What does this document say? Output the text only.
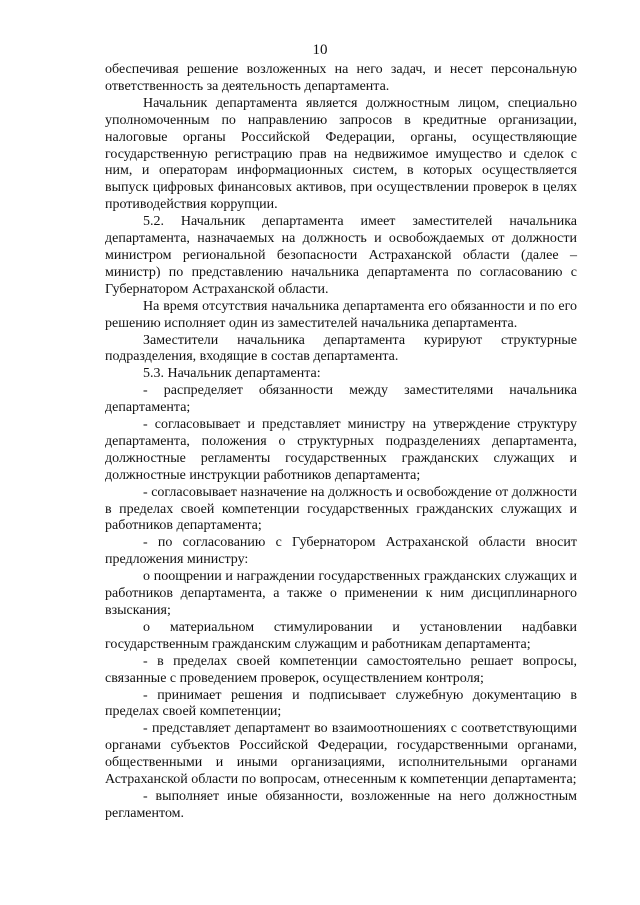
10

обеспечивая решение возложенных на него задач, и несет персональную ответственность за деятельность департамента.

Начальник департамента является должностным лицом, специально уполномоченным по направлению запросов в кредитные организации, налоговые органы Российской Федерации, органы, осуществляющие государственную регистрацию прав на недвижимое имущество и сделок с ним, и операторам информационных систем, в которых осуществляется выпуск цифровых финансовых активов, при осуществлении проверок в целях противодействия коррупции.

5.2. Начальник департамента имеет заместителей начальника департамента, назначаемых на должность и освобождаемых от должности министром региональной безопасности Астраханской области (далее – министр) по представлению начальника департамента по согласованию с Губернатором Астраханской области.

На время отсутствия начальника департамента его обязанности и по его решению исполняет один из заместителей начальника департамента.

Заместители начальника департамента курируют структурные подразделения, входящие в состав департамента.

5.3. Начальник департамента:

- распределяет обязанности между заместителями начальника департамента;

- согласовывает и представляет министру на утверждение структуру департамента, положения о структурных подразделениях департамента, должностные регламенты государственных гражданских служащих и должностные инструкции работников департамента;

- согласовывает назначение на должность и освобождение от должности в пределах своей компетенции государственных гражданских служащих и работников департамента;

- по согласованию с Губернатором Астраханской области вносит предложения министру:

о поощрении и награждении государственных гражданских служащих и работников департамента, а также о применении к ним дисциплинарного взыскания;

о материальном стимулировании и установлении надбавки государственным гражданским служащим и работникам департамента;

- в пределах своей компетенции самостоятельно решает вопросы, связанные с проведением проверок, осуществлением контроля;

- принимает решения и подписывает служебную документацию в пределах своей компетенции;

- представляет департамент во взаимоотношениях с соответствующими органами субъектов Российской Федерации, государственными органами, общественными и иными организациями, исполнительными органами Астраханской области по вопросам, отнесенным к компетенции департамента;

- выполняет иные обязанности, возложенные на него должностным регламентом.
